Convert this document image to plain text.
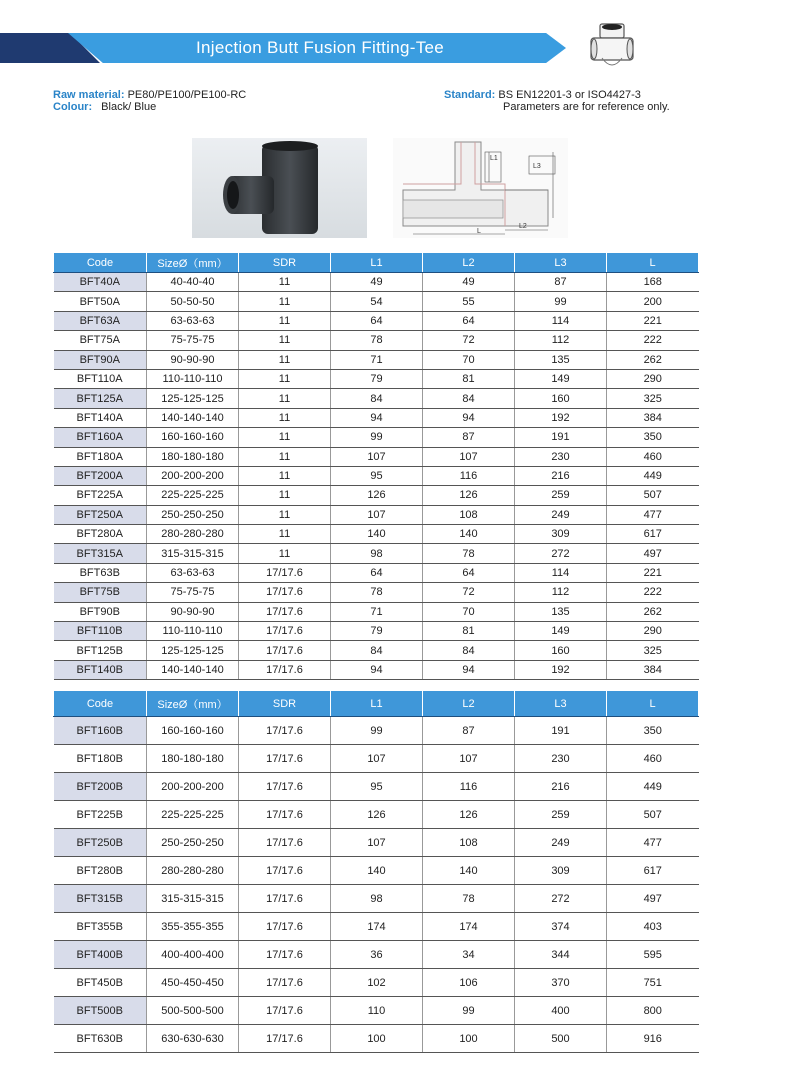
Injection Butt Fusion Fitting-Tee
Raw material: PE80/PE100/PE100-RC
Colour: Black/ Blue
Standard: BS EN12201-3 or ISO4427-3
Parameters are for reference only.
L1
L3
L2
L
Code	SizeØ（mm）	SDR	L1	L2	L3	L
BFT40A	40-40-40	11	49	49	87	168
BFT50A	50-50-50	11	54	55	99	200
BFT63A	63-63-63	11	64	64	114	221
BFT75A	75-75-75	11	78	72	112	222
BFT90A	90-90-90	11	71	70	135	262
BFT110A	110-110-110	11	79	81	149	290
BFT125A	125-125-125	11	84	84	160	325
BFT140A	140-140-140	11	94	94	192	384
BFT160A	160-160-160	11	99	87	191	350
BFT180A	180-180-180	11	107	107	230	460
BFT200A	200-200-200	11	95	116	216	449
BFT225A	225-225-225	11	126	126	259	507
BFT250A	250-250-250	11	107	108	249	477
BFT280A	280-280-280	11	140	140	309	617
BFT315A	315-315-315	11	98	78	272	497
BFT63B	63-63-63	17/17.6	64	64	114	221
BFT75B	75-75-75	17/17.6	78	72	112	222
BFT90B	90-90-90	17/17.6	71	70	135	262
BFT110B	110-110-110	17/17.6	79	81	149	290
BFT125B	125-125-125	17/17.6	84	84	160	325
BFT140B	140-140-140	17/17.6	94	94	192	384
Code	SizeØ（mm）	SDR	L1	L2	L3	L
BFT160B	160-160-160	17/17.6	99	87	191	350
BFT180B	180-180-180	17/17.6	107	107	230	460
BFT200B	200-200-200	17/17.6	95	116	216	449
BFT225B	225-225-225	17/17.6	126	126	259	507
BFT250B	250-250-250	17/17.6	107	108	249	477
BFT280B	280-280-280	17/17.6	140	140	309	617
BFT315B	315-315-315	17/17.6	98	78	272	497
BFT355B	355-355-355	17/17.6	174	174	374	403
BFT400B	400-400-400	17/17.6	36	34	344	595
BFT450B	450-450-450	17/17.6	102	106	370	751
BFT500B	500-500-500	17/17.6	110	99	400	800
BFT630B	630-630-630	17/17.6	100	100	500	916
